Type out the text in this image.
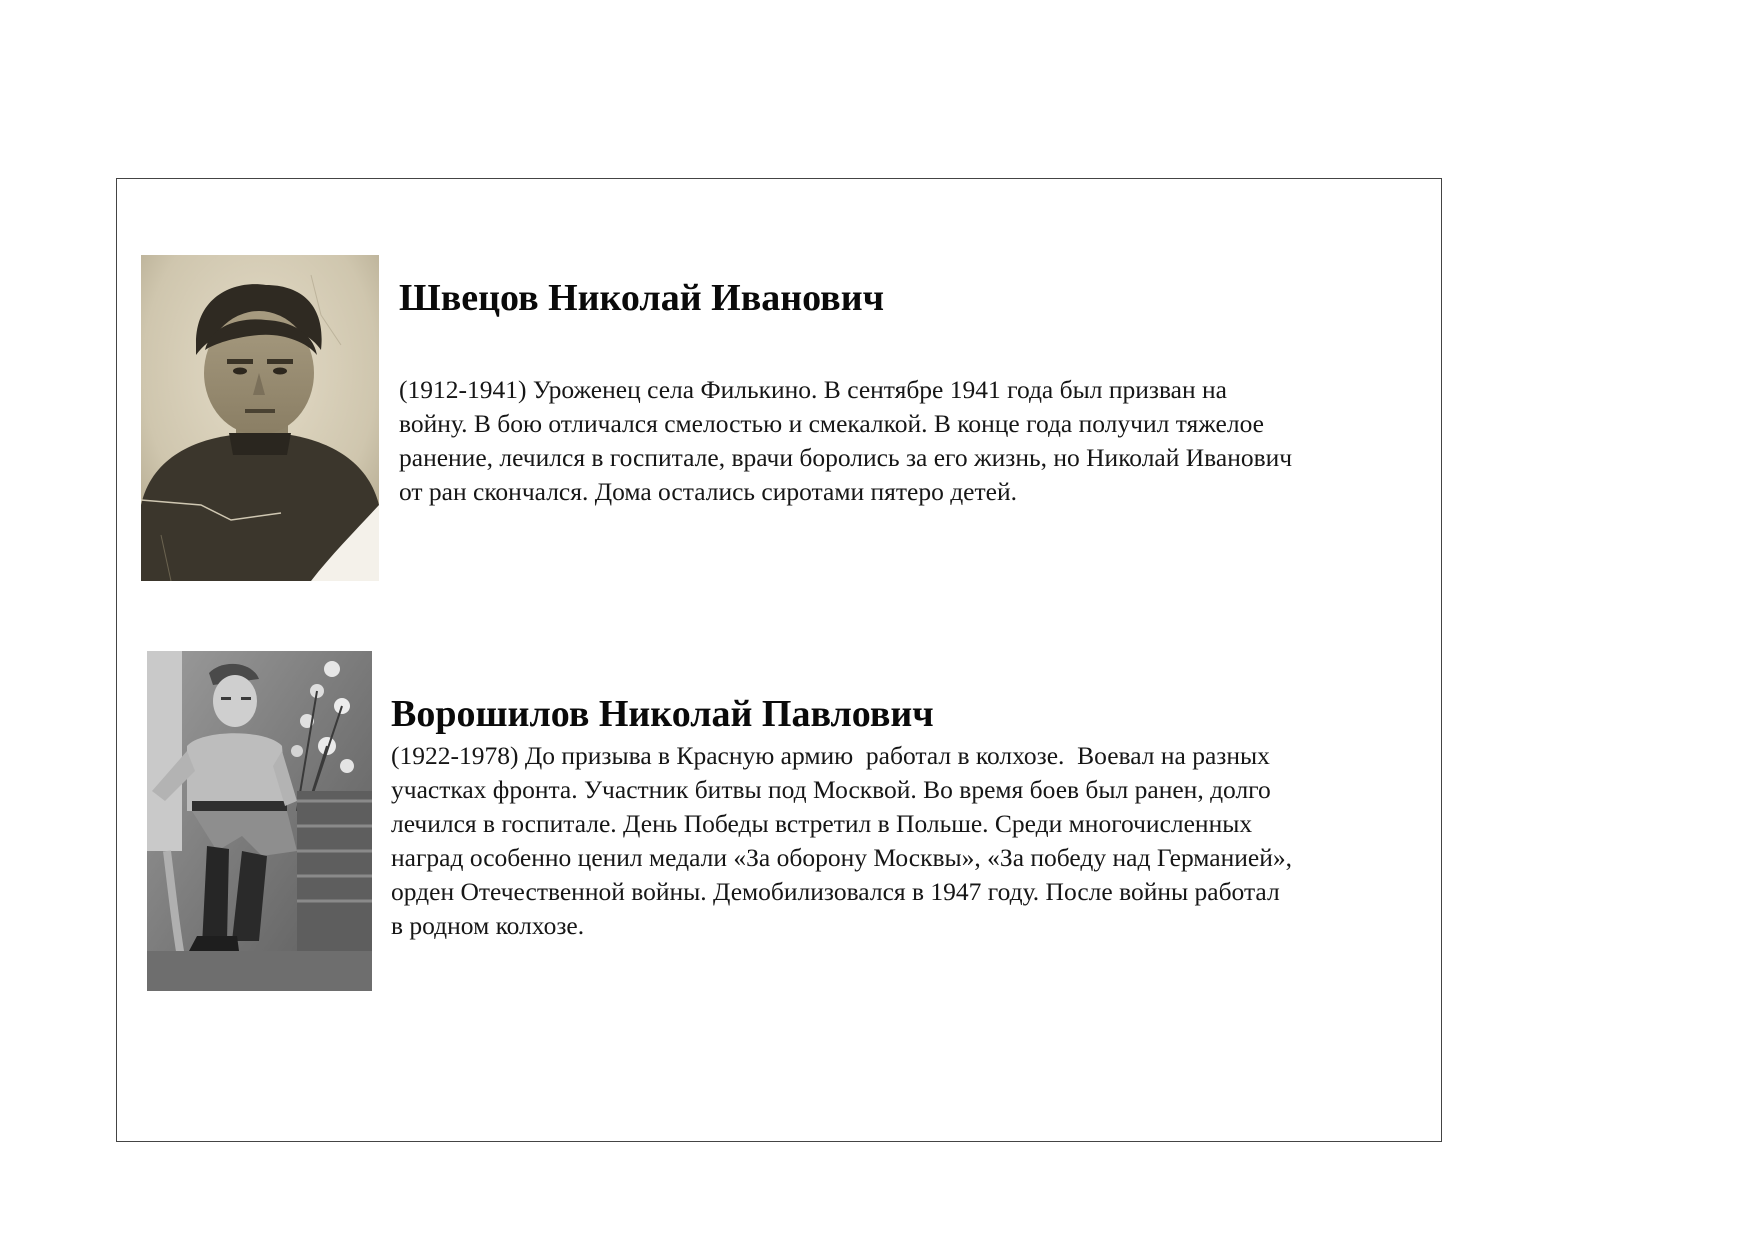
Швецов Николай Иванович
(1912-1941) Уроженец села Филькино. В сентябре 1941 года был призван на
войну. В бою отличался смелостью и смекалкой. В конце года получил тяжелое
ранение, лечился в госпитале, врачи боролись за его жизнь, но Николай Иванович
от ран скончался. Дома остались сиротами пятеро детей.
Ворошилов Николай Павлович
(1922-1978) До призыва в Красную армию  работал в колхозе.  Воевал на разных
участках фронта. Участник битвы под Москвой. Во время боев был ранен, долго
лечился в госпитале. День Победы встретил в Польше. Среди многочисленных
наград особенно ценил медали «За оборону Москвы», «За победу над Германией»,
орден Отечественной войны. Демобилизовался в 1947 году. После войны работал
в родном колхозе.
